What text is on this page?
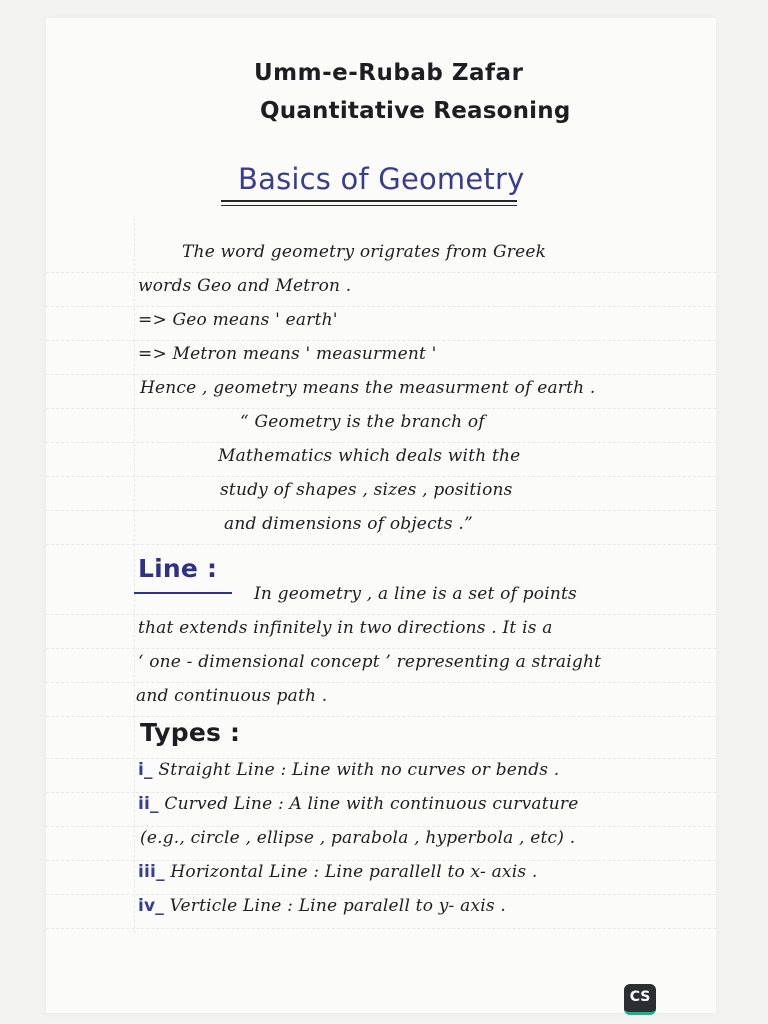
Umm-e-Rubab Zafar
Quantitative Reasoning
Basics of Geometry
The word geometry origrates from Greek
words Geo and Metron .
=> Geo means ' earth'
=> Metron means ' measurment '
Hence , geometry means the measurment of earth .
“ Geometry is the branch of
Mathematics which deals with the
study of shapes , sizes , positions
and dimensions of objects .”
Line :
In geometry , a line is a set of points
that extends infinitely in two directions . It is a
‘ one - dimensional concept ’ representing a straight
and continuous path .
Types :
i_ Straight Line : Line with no curves or bends .
ii_ Curved Line : A line with continuous curvature
(e.g., circle , ellipse , parabola , hyperbola , etc) .
iii_ Horizontal Line : Line parallell to x- axis .
iv_ Verticle Line : Line paralell to y- axis .
CS
